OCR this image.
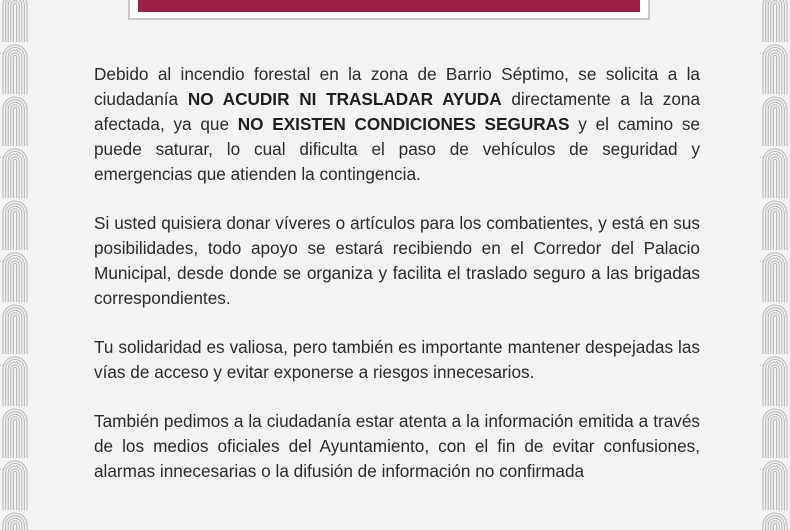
Debido al incendio forestal en la zona de Barrio Séptimo, se solicita a la ciudadanía NO ACUDIR NI TRASLADAR AYUDA directamente a la zona afectada, ya que NO EXISTEN CONDICIONES SEGURAS y el camino se puede saturar, lo cual dificulta el paso de vehículos de seguridad y emergencias que atienden la contingencia.

Si usted quisiera donar víveres o artículos para los combatientes, y está en sus posibilidades, todo apoyo se estará recibiendo en el Corredor del Palacio Municipal, desde donde se organiza y facilita el traslado seguro a las brigadas correspondientes.

Tu solidaridad es valiosa, pero también es importante mantener despejadas las vías de acceso y evitar exponerse a riesgos innecesarios.

También pedimos a la ciudadanía estar atenta a la información emitida a través de los medios oficiales del Ayuntamiento, con el fin de evitar confusiones, alarmas innecesarias o la difusión de información no confirmada
